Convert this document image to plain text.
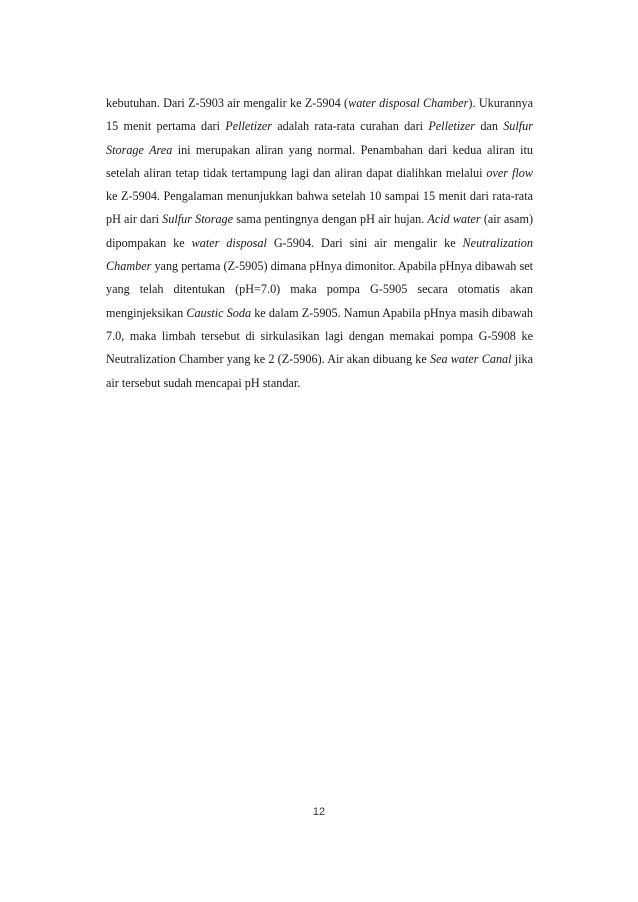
kebutuhan. Dari Z-5903 air mengalir ke Z-5904 (water disposal Chamber). Ukurannya 15 menit pertama dari Pelletizer adalah rata-rata curahan dari Pelletizer dan Sulfur Storage Area ini merupakan aliran yang normal. Penambahan dari kedua aliran itu setelah aliran tetap tidak tertampung lagi dan aliran dapat dialihkan melalui over flow ke Z-5904. Pengalaman menunjukkan bahwa setelah 10 sampai 15 menit dari rata-rata pH air dari Sulfur Storage sama pentingnya dengan pH air hujan. Acid water (air asam) dipompakan ke water disposal G-5904. Dari sini air mengalir ke Neutralization Chamber yang pertama (Z-5905) dimana pHnya dimonitor. Apabila pHnya dibawah set yang telah ditentukan (pH=7.0) maka pompa G-5905 secara otomatis akan menginjeksikan Caustic Soda ke dalam Z-5905. Namun Apabila pHnya masih dibawah 7.0, maka limbah tersebut di sirkulasikan lagi dengan memakai pompa G-5908 ke Neutralization Chamber yang ke 2 (Z-5906). Air akan dibuang ke Sea water Canal jika air tersebut sudah mencapai pH standar.

12
